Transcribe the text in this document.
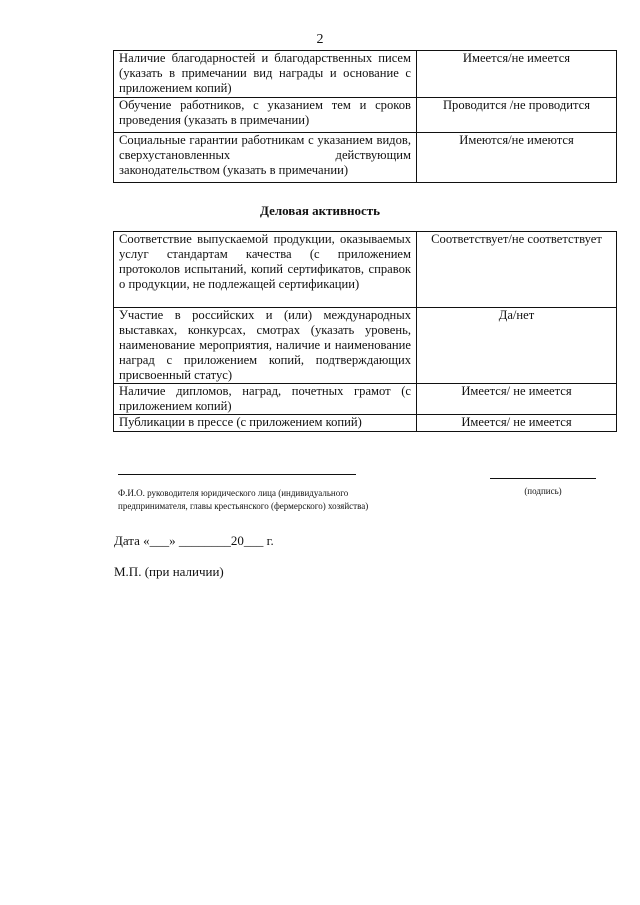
2
Наличие благодарностей и благодарственных писем (указать в примечании вид награды и основание с приложением копий)	Имеется/не имеется
Обучение работников, с указанием тем и сроков проведения (указать в примечании)	Проводится /не проводится
Социальные гарантии работникам с указанием видов, сверхустановленных действующим законодательством (указать в примечании)	Имеются/не имеются
Деловая активность
Соответствие выпускаемой продукции, оказываемых услуг стандартам качества (с приложением протоколов испытаний, копий сертификатов, справок о продукции, не подлежащей сертификации)	Соответствует/не соответствует
Участие в российских и (или) международных выставках, конкурсах, смотрах (указать уровень, наименование мероприятия, наличие и наименование наград с приложением копий, подтверждающих присвоенный статус)	Да/нет
Наличие дипломов, наград, почетных грамот (с приложением копий)	Имеется/ не имеется
Публикации в прессе (с приложением копий)	Имеется/ не имеется
Ф.И.О. руководителя юридического лица (индивидуального предпринимателя, главы крестьянского (фермерского) хозяйства)
(подпись)
Дата «___» ________20___ г.
М.П. (при наличии)
